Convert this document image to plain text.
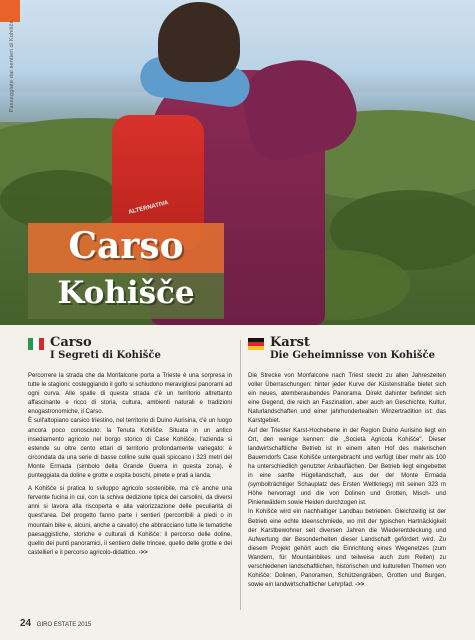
ALTERNATIVA
Passeggiate dai sentieri di Kohišče
Carso
Kohišče
Carso
I Segreti di Kohišče

Percorrere la strada che da Monfalcone porta a Trieste è una sorpresa in tutte le stagioni: costeggiando il golfo si schiudono meravigliosi panorami ad ogni curva. Alle spalle di questa strada c'è un territorio altrettanto affascinante e ricco di storia, cultura, ambienti naturali e tradizioni enogastronomiche, il Carso.

È sull'altopiano carsico triestino, nel territorio di Duino Aurisina, c'è un luogo ancora poco conosciuto: la Tenuta Kohišče. Situata in un antico insediamento agricolo nel borgo storico di Case Kohišče, l'azienda si estende su oltre cento ettari di territorio profondamente variegato: è circondata da una serie di basse colline sulle quali spiccano i 323 metri del Monte Ermada (simbolo della Grande Guerra in questa zona), è punteggiata da doline e grotte e ospita boschi, pinete e prati a landa.

A Kohišče si pratica lo sviluppo agricolo sostenibile, ma c'è anche una fervente fucina in cui, con la schiva dedizione tipica dei carsolini, da diversi anni si lavora alla riscoperta e alla valorizzazione delle peculiarità di quest'area. Del progetto fanno parte i sentieri (percorribili a piedi o in mountain bike e, alcuni, anche a cavallo) che abbracciano tutte le tematiche paesaggistiche, storiche e culturali di Kohišče: il percorso delle doline, quello dei punti panoramici, il sentiero delle trincee, quello delle grotte e dei castellieri e il percorso agricolo-didattico. ->>

Karst
Die Geheimnisse von Kohišče

Die Strecke von Monfalcone nach Triest steckt zu allen Jahreszeiten voller Überraschungen: hinter jeder Kurve der Küstenstraße bietet sich ein neues, atemberaubendes Panorama. Direkt dahinter befindet sich eine Gegend, die reich an Faszination, aber auch an Geschichte, Kultur, Naturlandschaften und einer jahrhundertealten Winzertradition ist: das Karstgebiet.

Auf der Triester Karst-Hochebene in der Region Duino Aurisino liegt ein Ort, den wenige kennen: die „Società Agricola Kohišče". Dieser landwirtschaftliche Betrieb ist in einem alten Hof des malerischen Bauerndorfs Case Kohišče untergebracht und verfügt über mehr als 100 ha unterschiedlich genutzter Anbauflächen. Der Betrieb liegt eingebettet in eine sanfte Hügellandschaft, aus der der Monte Ermada (symbolträchtiger Schauplatz des Ersten Weltkriegs) mit seinen 323 m Höhe hervorragt und die von Dolinen und Grotten, Misch- und Pinienwäldern sowie Heiden durchzogen ist.

In Kohišče wird ein nachhaltiger Landbau betrieben. Gleichzeitig ist der Betrieb eine echte Ideenschmiede, wo mit der typischen Hartnäckigkeit der Karstbewohner seit diversen Jahren die Wiederentdeckung und Aufwertung der Besonderheiten dieser Landschaft gefördert wird. Zu diesem Projekt gehört auch die Einrichtung eines Wegenetzes (zum Wandern, für Mountainbikes und teilweise auch zum Reiten) zu verschiedenen landschaftlichen, historischen und kulturellen Themen von Kohišče: Dolinen, Panoramen, Schützengräben, Grotten und Burgen, sowie ein landwirtschaftlicher Lehrpfad. ->>

24 GIRO ESTATE 2015
